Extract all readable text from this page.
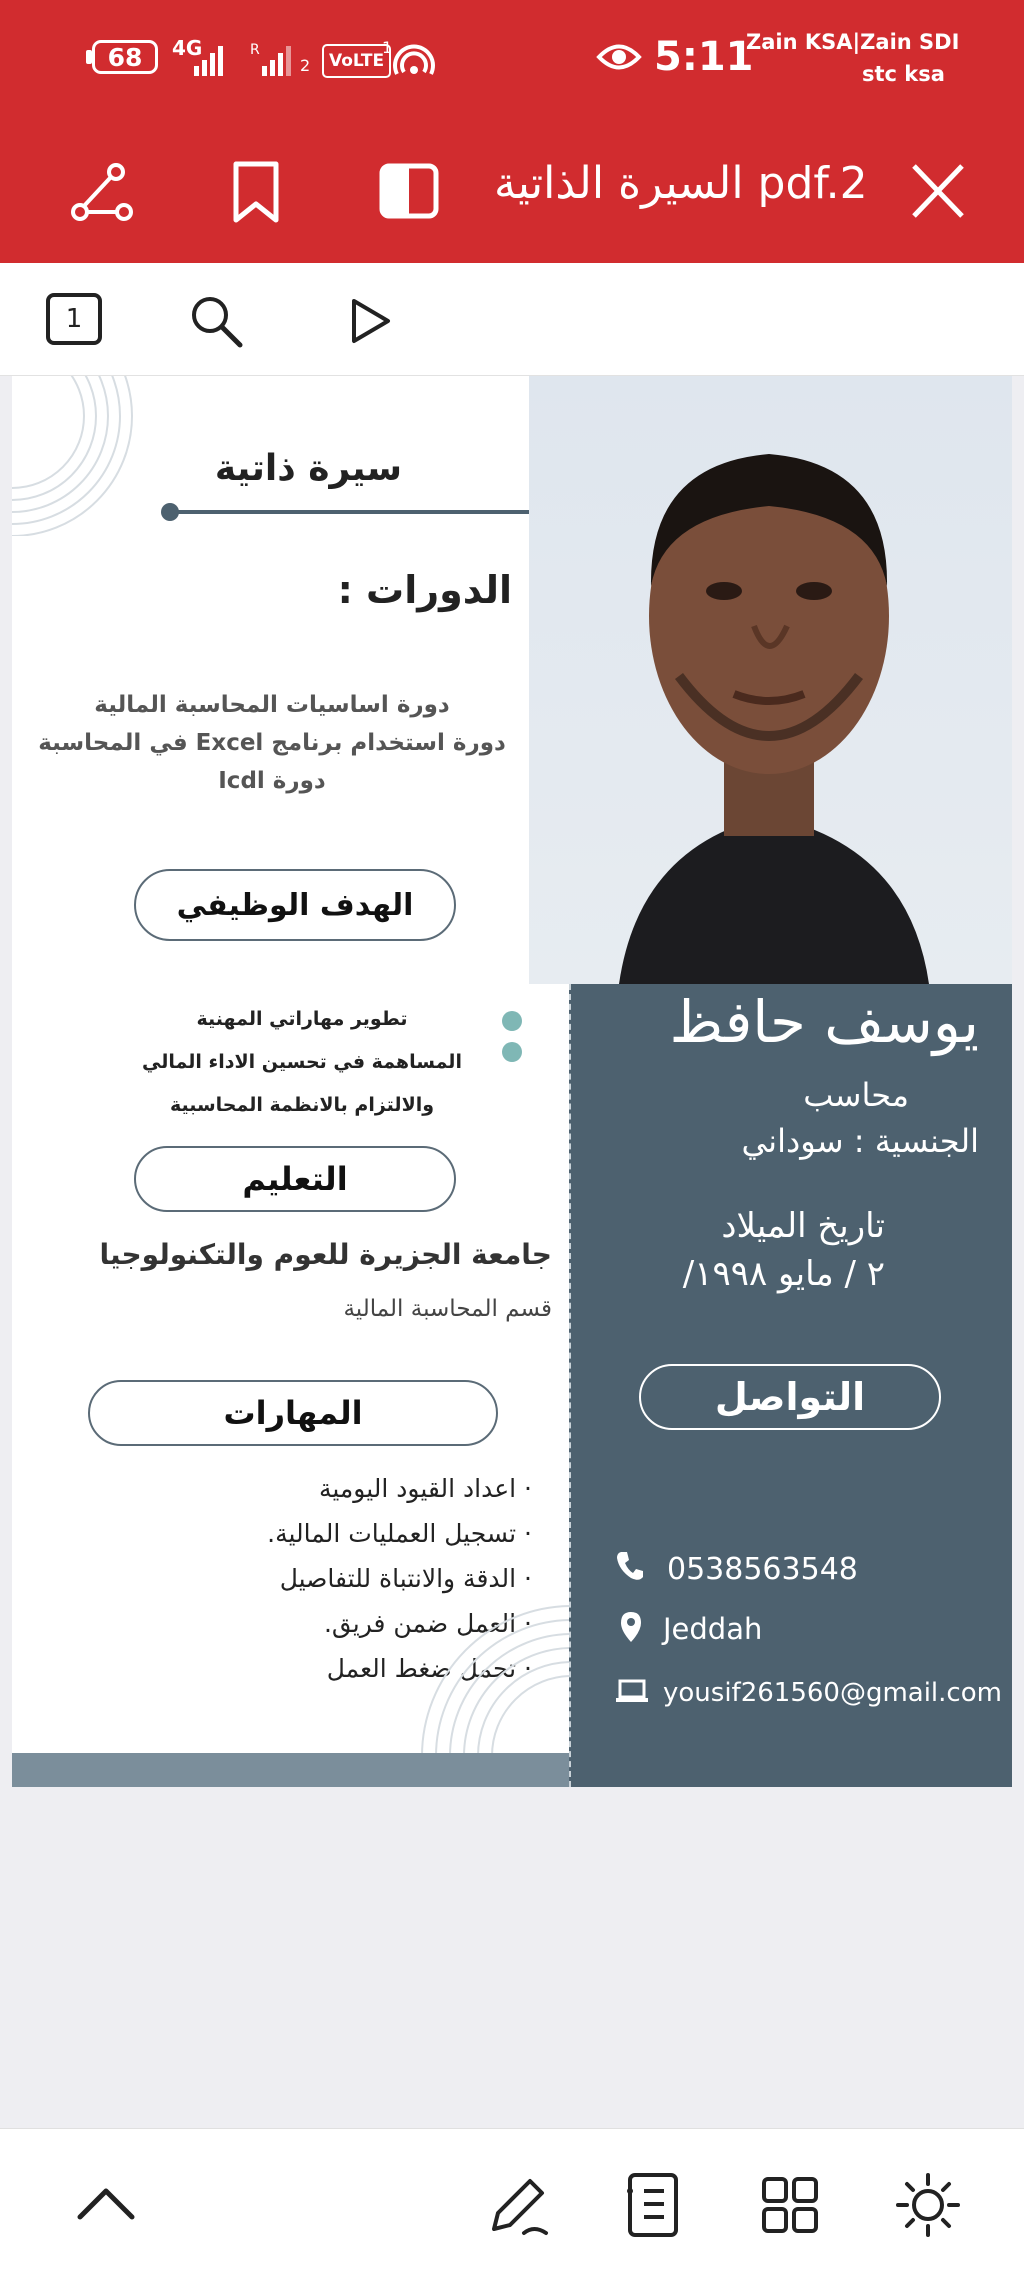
68 4G	R
2 VoLTE
1	5:11
Zain KSA|Zain SDI
stc ksa
السيرة الذاتية pdf.2
1
سيرة ذاتية
الدورات :
دورة اساسيات المحاسبة المالية
دورة استخدام برنامج Excel في المحاسبة
دورة Icdl
الهدف الوظيفي
تطوير مهاراتي المهنية
المساهمة في تحسين الاداء المالي
والالتزام بالانظمة المحاسبية
التعليم
جامعة الجزيرة للعوم والتكنولوجيا
قسم المحاسبة المالية
المهارات
· اعداد القيود اليومية
· تسجيل العمليات المالية.
· الدقة والانتباة للتفاصيل
· العمل ضمن فريق.
· تحمل ضغط العمل
يوسف حافظ
محاسب
الجنسية : سوداني
تاريخ الميلاد
٢ / مايو ١٩٩٨/
التواصل
0538563548
Jeddah
yousif261560@gmail.com
